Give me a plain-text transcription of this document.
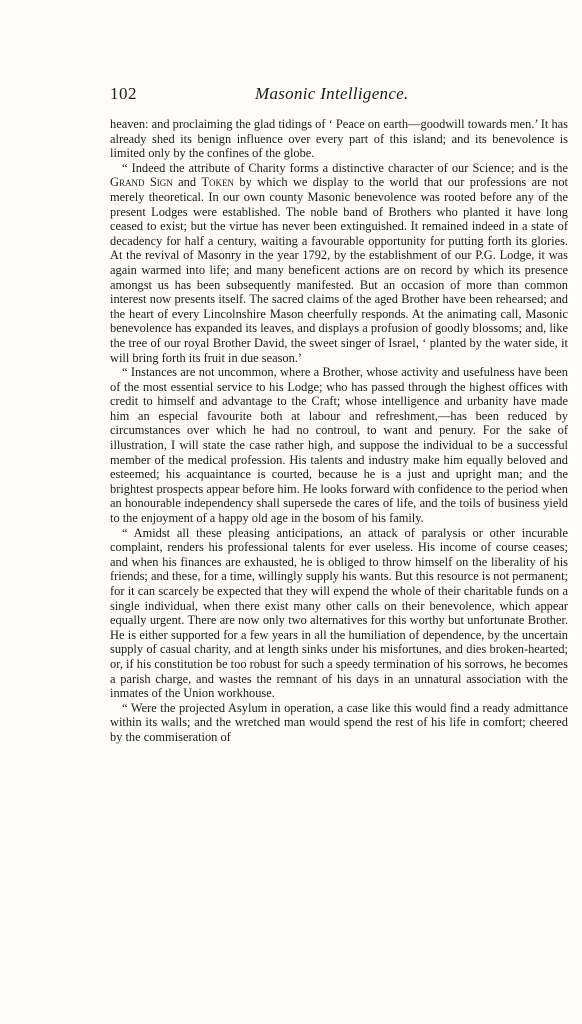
102	Masonic Intelligence.

heaven: and proclaiming the glad tidings of ‘ Peace on earth—goodwill towards men.’ It has already shed its benign influence over every part of this island; and its benevolence is limited only by the confines of the globe.

“ Indeed the attribute of Charity forms a distinctive character of our Science; and is the Grand Sign and Token by which we display to the world that our professions are not merely theoretical. In our own county Masonic benevolence was rooted before any of the present Lodges were established. The noble band of Brothers who planted it have long ceased to exist; but the virtue has never been extinguished. It remained indeed in a state of decadency for half a century, waiting a favourable opportunity for putting forth its glories. At the revival of Masonry in the year 1792, by the establishment of our P.G. Lodge, it was again warmed into life; and many beneficent actions are on record by which its presence amongst us has been subsequently manifested. But an occasion of more than common interest now presents itself. The sacred claims of the aged Brother have been rehearsed; and the heart of every Lincolnshire Mason cheerfully responds. At the animating call, Masonic benevolence has expanded its leaves, and displays a profusion of goodly blossoms; and, like the tree of our royal Brother David, the sweet singer of Israel, ‘ planted by the water side, it will bring forth its fruit in due season.’

“ Instances are not uncommon, where a Brother, whose activity and usefulness have been of the most essential service to his Lodge; who has passed through the highest offices with credit to himself and advantage to the Craft; whose intelligence and urbanity have made him an especial favourite both at labour and refreshment,—has been reduced by circumstances over which he had no controul, to want and penury. For the sake of illustration, I will state the case rather high, and suppose the individual to be a successful member of the medical profession. His talents and industry make him equally beloved and esteemed; his acquaintance is courted, because he is a just and upright man; and the brightest prospects appear before him. He looks forward with confidence to the period when an honourable independency shall supersede the cares of life, and the toils of business yield to the enjoyment of a happy old age in the bosom of his family.

“ Amidst all these pleasing anticipations, an attack of paralysis or other incurable complaint, renders his professional talents for ever useless. His income of course ceases; and when his finances are exhausted, he is obliged to throw himself on the liberality of his friends; and these, for a time, willingly supply his wants. But this resource is not permanent; for it can scarcely be expected that they will expend the whole of their charitable funds on a single individual, when there exist many other calls on their benevolence, which appear equally urgent. There are now only two alternatives for this worthy but unfortunate Brother. He is either supported for a few years in all the humiliation of dependence, by the uncertain supply of casual charity, and at length sinks under his misfortunes, and dies broken-hearted; or, if his constitution be too robust for such a speedy termination of his sorrows, he becomes a parish charge, and wastes the remnant of his days in an unnatural association with the inmates of the Union workhouse.

“ Were the projected Asylum in operation, a case like this would find a ready admittance within its walls; and the wretched man would spend the rest of his life in comfort; cheered by the commiseration of
